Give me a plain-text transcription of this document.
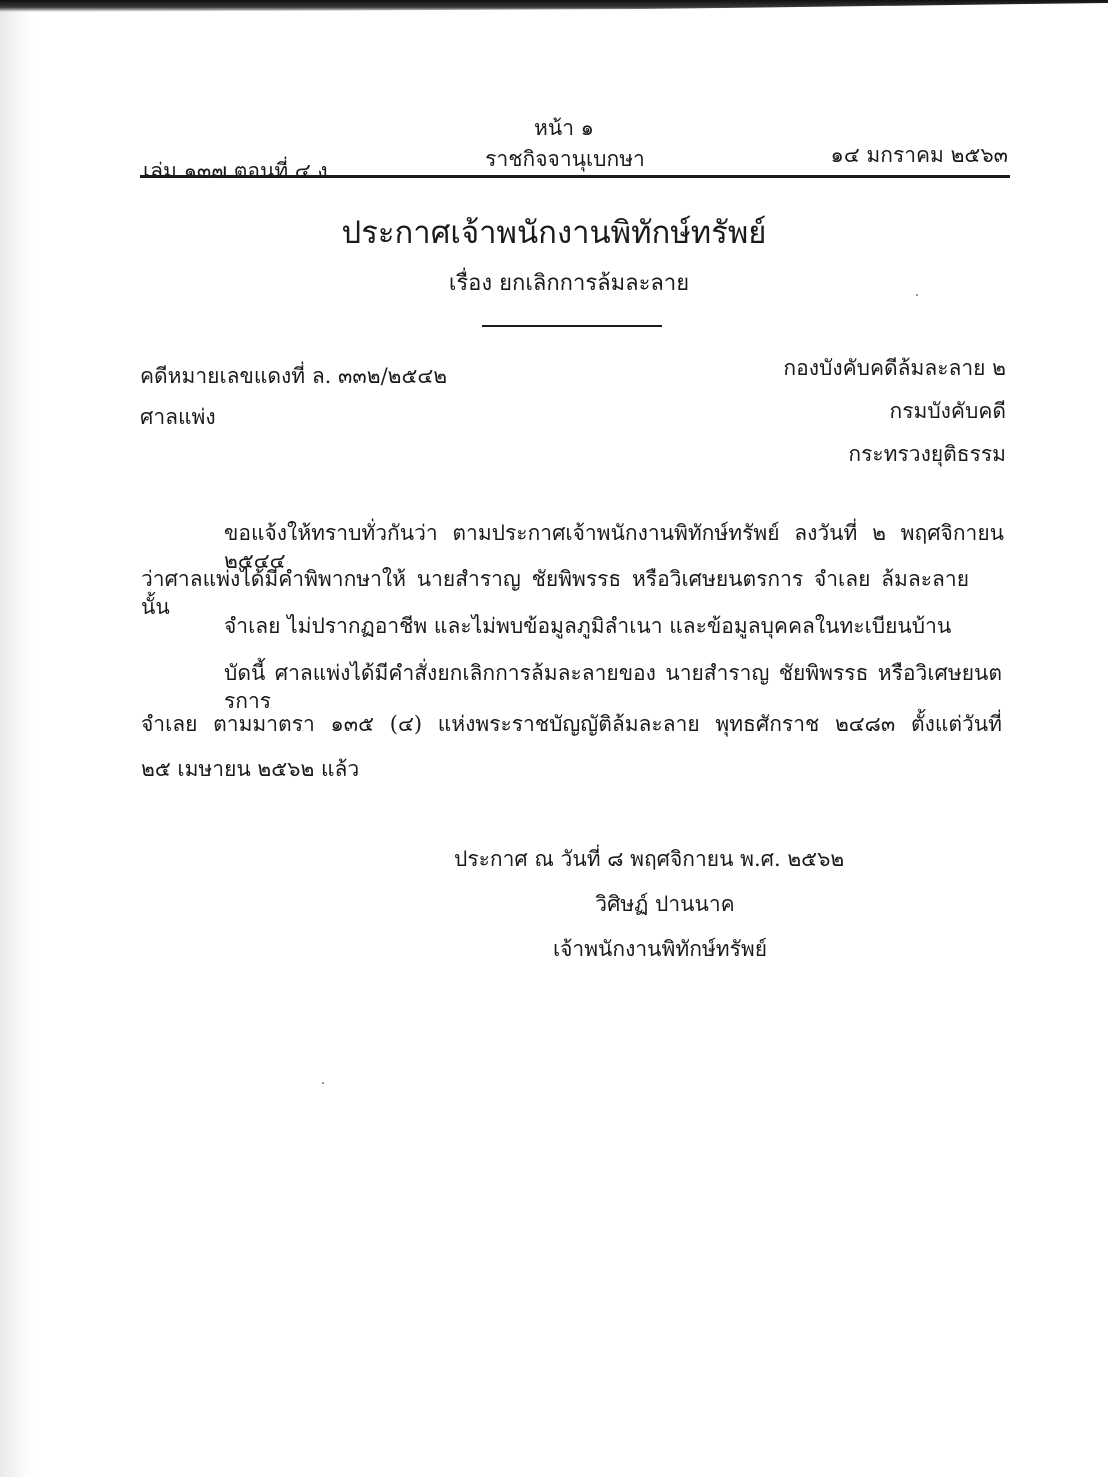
หน้า ๑

เล่ม ๑๓๗ ตอนที่ ๔ ง	ราชกิจจานุเบกษา	๑๔ มกราคม ๒๕๖๓

ประกาศเจ้าพนักงานพิทักษ์ทรัพย์

เรื่อง ยกเลิกการล้มละลาย

คดีหมายเลขแดงที่ ล. ๓๓๒/๒๕๔๒

ศาลแพ่ง

กองบังคับคดีล้มละลาย ๒

กรมบังคับคดี

กระทรวงยุติธรรม

ขอแจ้งให้ทราบทั่วกันว่า ตามประกาศเจ้าพนักงานพิทักษ์ทรัพย์ ลงวันที่ ๒ พฤศจิกายน ๒๕๔๔

ว่าศาลแพ่งได้มีคำพิพากษาให้ นายสำราญ ชัยพิพรรธ หรือวิเศษยนตรการ จำเลย ล้มละลาย นั้น

จำเลย ไม่ปรากฏอาชีพ และไม่พบข้อมูลภูมิลำเนา และข้อมูลบุคคลในทะเบียนบ้าน

บัดนี้ ศาลแพ่งได้มีคำสั่งยกเลิกการล้มละลายของ นายสำราญ ชัยพิพรรธ หรือวิเศษยนตรการ

จำเลย ตามมาตรา ๑๓๕ (๔) แห่งพระราชบัญญัติล้มละลาย พุทธศักราช ๒๔๘๓ ตั้งแต่วันที่

๒๕ เมษายน ๒๕๖๒ แล้ว

ประกาศ ณ วันที่ ๘ พฤศจิกายน พ.ศ. ๒๕๖๒

วิศิษฏ์ ปานนาค

เจ้าพนักงานพิทักษ์ทรัพย์
